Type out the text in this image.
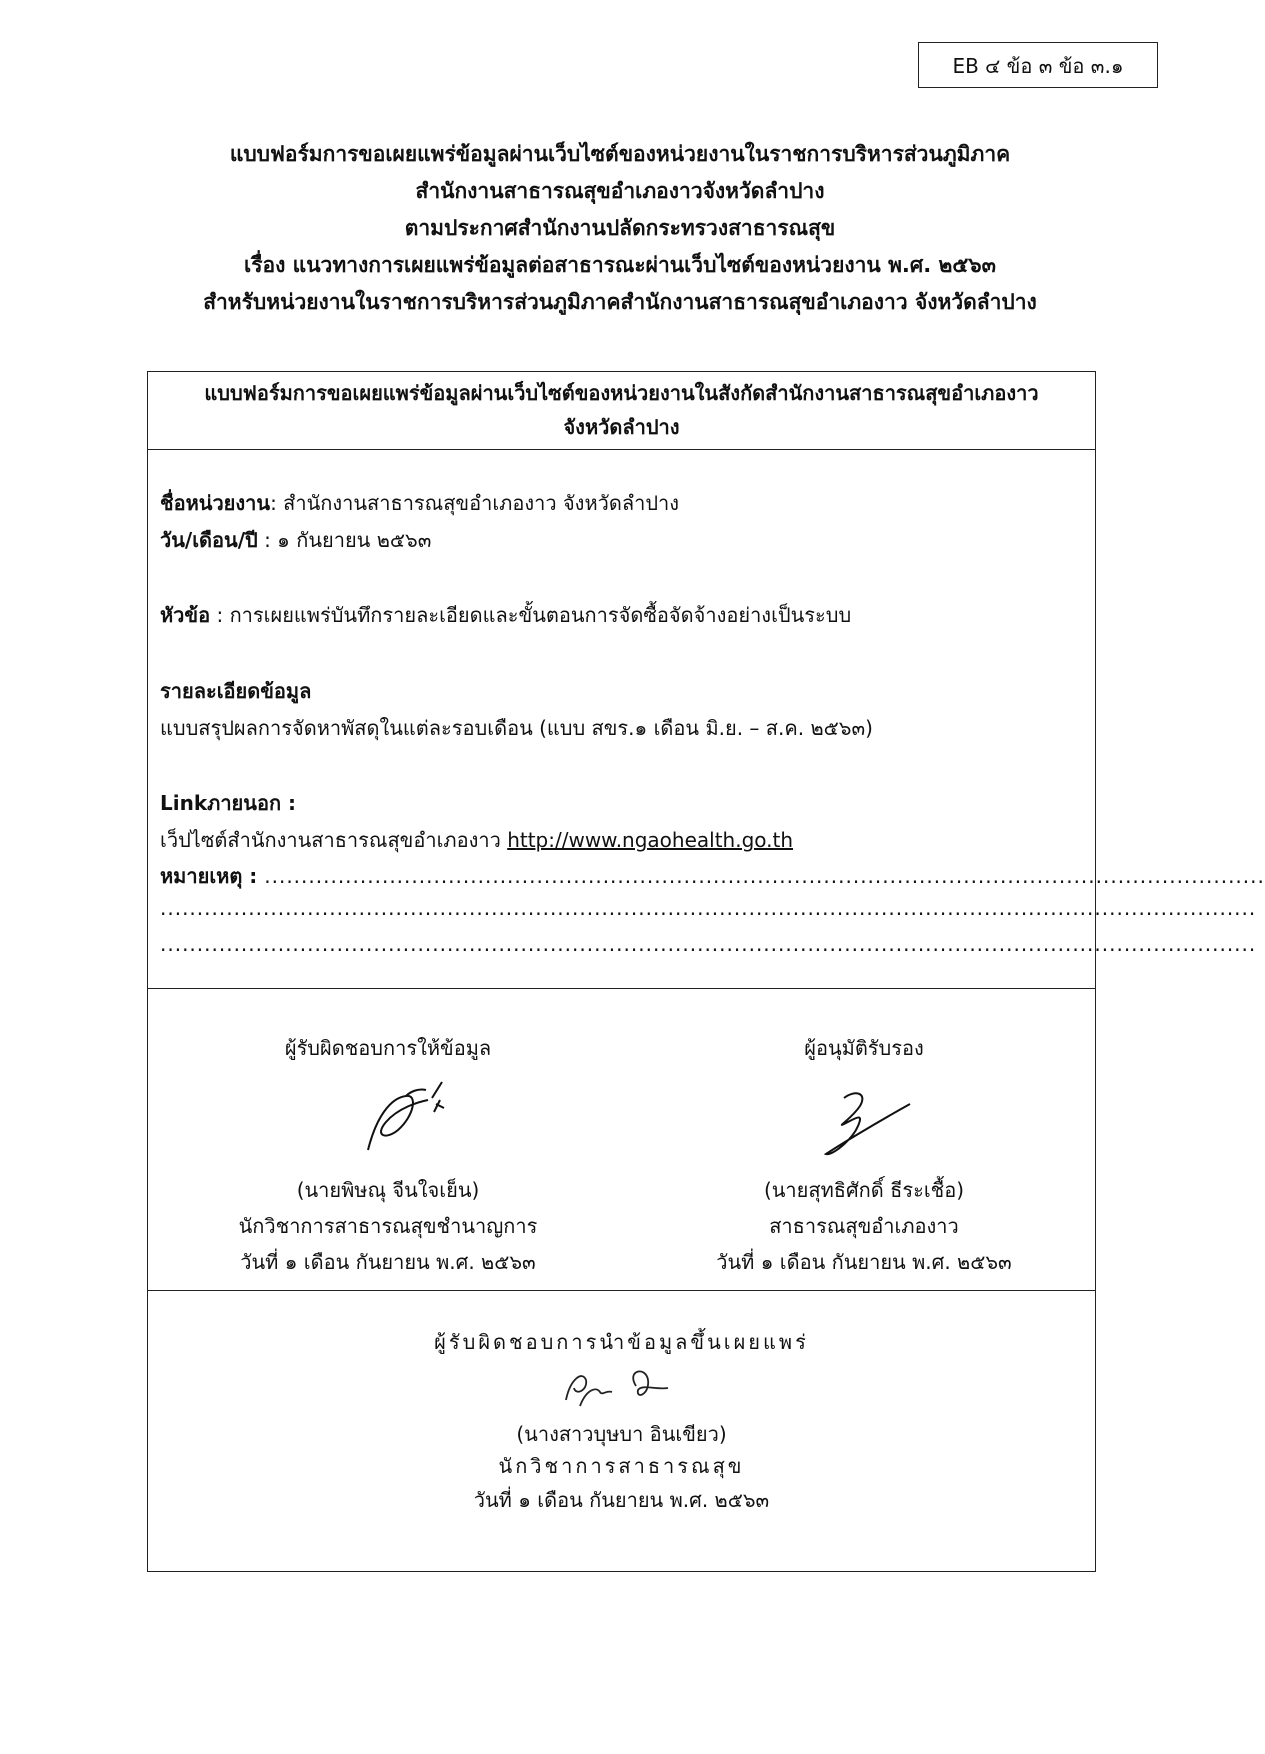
EB ๔ ข้อ ๓ ข้อ ๓.๑
แบบฟอร์มการขอเผยแพร่ข้อมูลผ่านเว็บไซต์ของหน่วยงานในราชการบริหารส่วนภูมิภาค
สำนักงานสาธารณสุขอำเภองาวจังหวัดลำปาง
ตามประกาศสำนักงานปลัดกระทรวงสาธารณสุข
เรื่อง แนวทางการเผยแพร่ข้อมูลต่อสาธารณะผ่านเว็บไซต์ของหน่วยงาน พ.ศ. ๒๕๖๓
สำหรับหน่วยงานในราชการบริหารส่วนภูมิภาคสำนักงานสาธารณสุขอำเภองาว จังหวัดลำปาง
แบบฟอร์มการขอเผยแพร่ข้อมูลผ่านเว็บไซต์ของหน่วยงานในสังกัดสำนักงานสาธารณสุขอำเภองาว
จังหวัดลำปาง
ชื่อหน่วยงาน: สำนักงานสาธารณสุขอำเภองาว จังหวัดลำปาง
วัน/เดือน/ปี : ๑ กันยายน ๒๕๖๓
หัวข้อ : การเผยแพร่บันทึกรายละเอียดและขั้นตอนการจัดซื้อจัดจ้างอย่างเป็นระบบ
รายละเอียดข้อมูล
แบบสรุปผลการจัดหาพัสดุในแต่ละรอบเดือน (แบบ สขร.๑ เดือน มิ.ย. – ส.ค. ๒๕๖๓)
Linkภายนอก :
เว็ปไซต์สำนักงานสาธารณสุขอำเภองาว http://www.ngaohealth.go.th
หมายเหตุ : ........................................................................................................................................
.....................................................................................................................................................
.....................................................................................................................................................
ผู้รับผิดชอบการให้ข้อมูล
(นายพิษณุ จีนใจเย็น)
นักวิชาการสาธารณสุขชำนาญการ
วันที่ ๑ เดือน กันยายน พ.ศ. ๒๕๖๓
ผู้อนุมัติรับรอง
(นายสุทธิศักดิ์ ธีระเชื้อ)
สาธารณสุขอำเภองาว
วันที่ ๑ เดือน กันยายน พ.ศ. ๒๕๖๓
ผู้รับผิดชอบการนำข้อมูลขึ้นเผยแพร่
(นางสาวบุษบา อินเขียว)
นักวิชาการสาธารณสุข
วันที่ ๑ เดือน กันยายน พ.ศ. ๒๕๖๓
